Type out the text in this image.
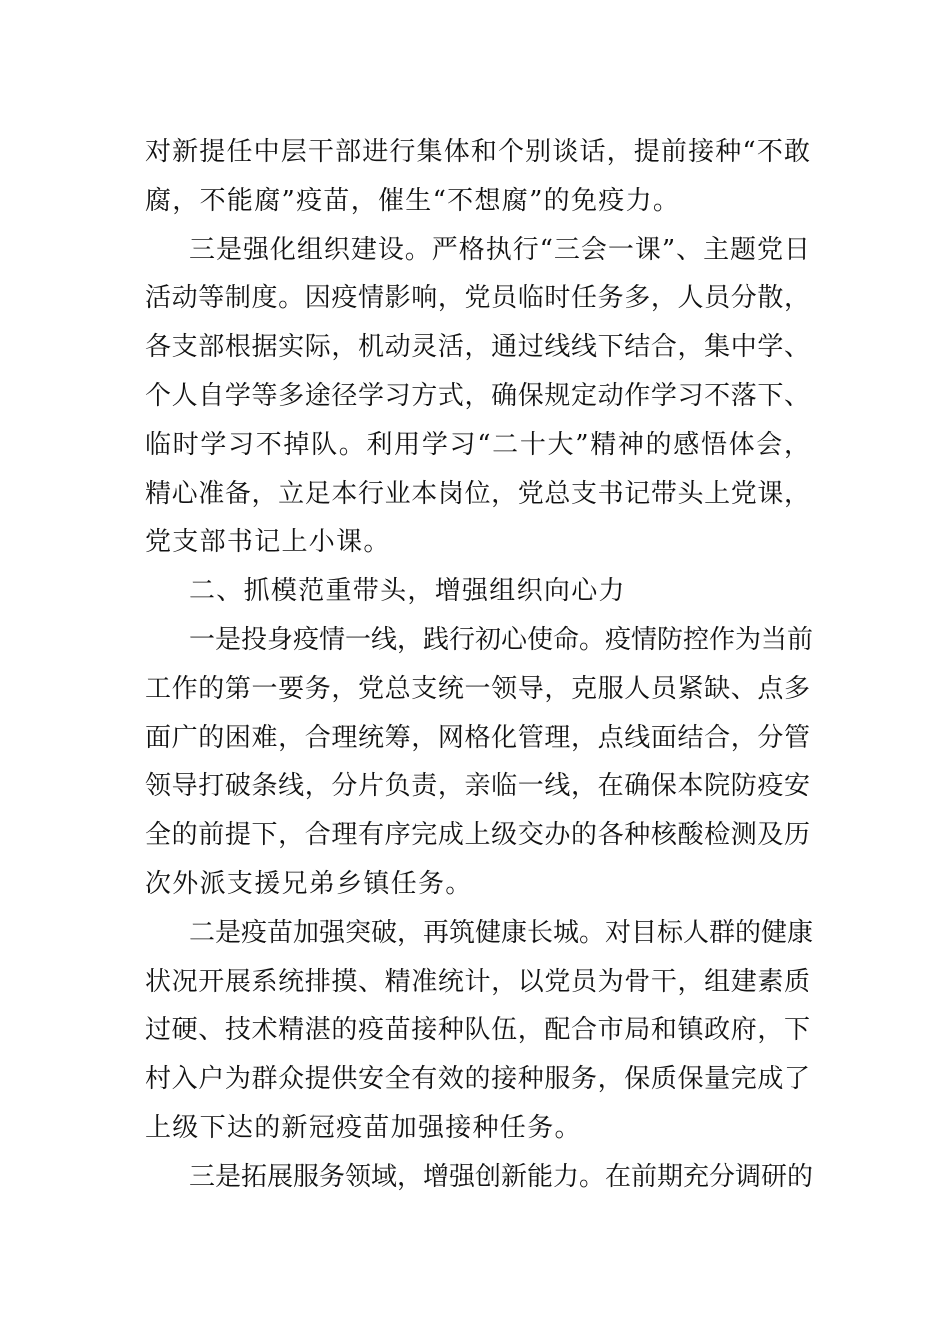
对新提任中层干部进行集体和个别谈话，提前接种“不敢
腐，不能腐”疫苗，催生“不想腐”的免疫力。
三是强化组织建设。严格执行“三会一课”、主题党日
活动等制度。因疫情影响，党员临时任务多，人员分散，
各支部根据实际，机动灵活，通过线线下结合，集中学、
个人自学等多途径学习方式，确保规定动作学习不落下、
临时学习不掉队。利用学习“二十大”精神的感悟体会，
精心准备，立足本行业本岗位，党总支书记带头上党课，
党支部书记上小课。
二、抓模范重带头，增强组织向心力
一是投身疫情一线，践行初心使命。疫情防控作为当前
工作的第一要务，党总支统一领导，克服人员紧缺、点多
面广的困难，合理统筹，网格化管理，点线面结合，分管
领导打破条线，分片负责，亲临一线，在确保本院防疫安
全的前提下，合理有序完成上级交办的各种核酸检测及历
次外派支援兄弟乡镇任务。
二是疫苗加强突破，再筑健康长城。对目标人群的健康
状况开展系统排摸、精准统计，以党员为骨干，组建素质
过硬、技术精湛的疫苗接种队伍，配合市局和镇政府，下
村入户为群众提供安全有效的接种服务，保质保量完成了
上级下达的新冠疫苗加强接种任务。
三是拓展服务领域，增强创新能力。在前期充分调研的
